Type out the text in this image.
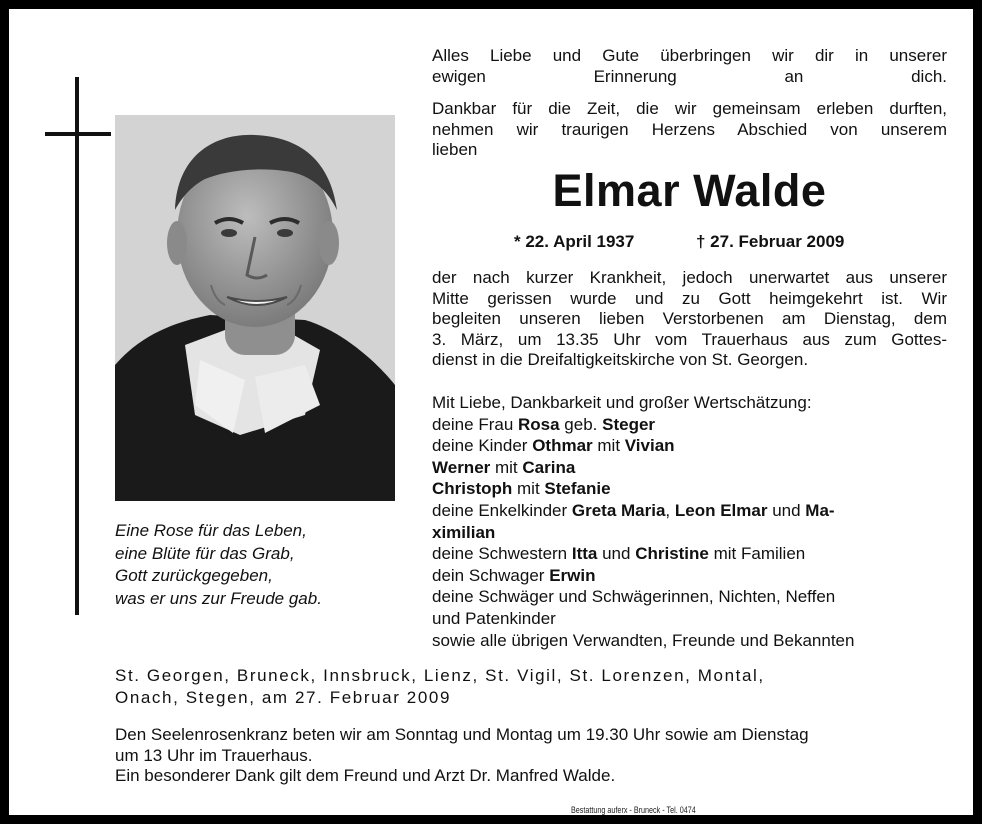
Eine Rose für das Leben,
eine Blüte für das Grab,
Gott zurückgegeben,
was er uns zur Freude gab.
Alles Liebe und Gute überbringen wir dir in unserer
ewigen Erinnerung an dich.
Dankbar für die Zeit, die wir gemeinsam erleben durften,
nehmen wir traurigen Herzens Abschied von unserem
lieben
Elmar Walde
* 22. April 1937	† 27. Februar 2009
der nach kurzer Krankheit, jedoch unerwartet aus unserer
Mitte gerissen wurde und zu Gott heimgekehrt ist. Wir
begleiten unseren lieben Verstorbenen am Dienstag, dem
3. März, um 13.35 Uhr vom Trauerhaus aus zum Gottes-
dienst in die Dreifaltigkeitskirche von St. Georgen.
Mit Liebe, Dankbarkeit und großer Wertschätzung:
deine Frau Rosa geb. Steger
deine Kinder Othmar mit Vivian
Werner mit Carina
Christoph mit Stefanie
deine Enkelkinder Greta Maria, Leon Elmar und Ma-
ximilian
deine Schwestern Itta und Christine mit Familien
dein Schwager Erwin
deine Schwäger und Schwägerinnen, Nichten, Neffen
und Patenkinder
sowie alle übrigen Verwandten, Freunde und Bekannten
St. Georgen, Bruneck, Innsbruck, Lienz, St. Vigil, St. Lorenzen, Montal,
Onach, Stegen, am 27. Februar 2009
Den Seelenrosenkranz beten wir am Sonntag und Montag um 19.30 Uhr sowie am Dienstag
um 13 Uhr im Trauerhaus.
Ein besonderer Dank gilt dem Freund und Arzt Dr. Manfred Walde.
Bestattung auferx - Bruneck - Tel. 0474
